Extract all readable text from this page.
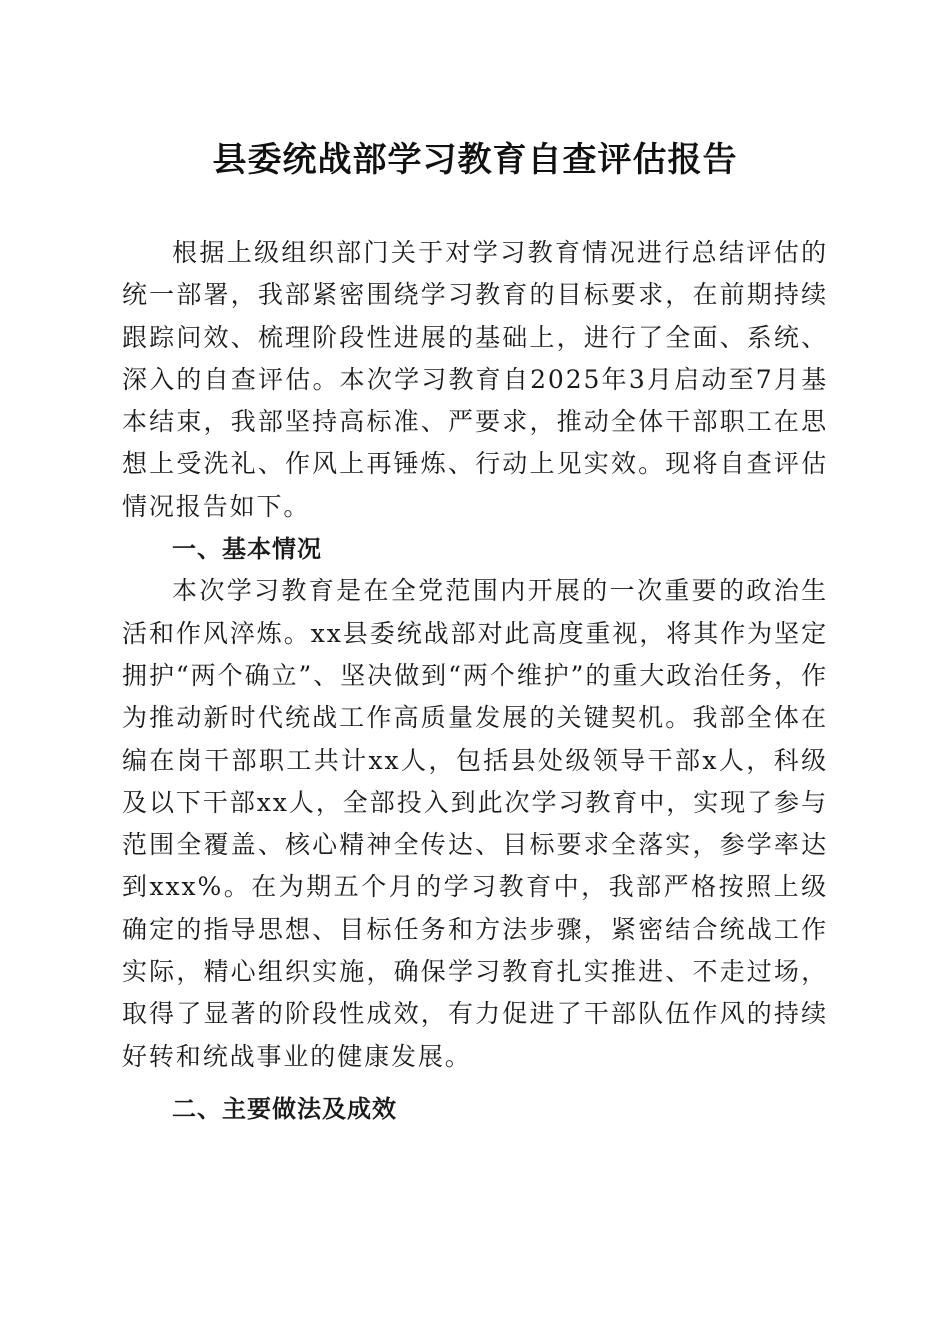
县委统战部学习教育自查评估报告

根据上级组织部门关于对学习教育情况进行总结评估的统一部署，我部紧密围绕学习教育的目标要求，在前期持续跟踪问效、梳理阶段性进展的基础上，进行了全面、系统、深入的自查评估。本次学习教育自2025年3月启动至7月基本结束，我部坚持高标准、严要求，推动全体干部职工在思想上受洗礼、作风上再锤炼、行动上见实效。现将自查评估情况报告如下。

一、基本情况

本次学习教育是在全党范围内开展的一次重要的政治生活和作风淬炼。xx县委统战部对此高度重视，将其作为坚定拥护“两个确立”、坚决做到“两个维护”的重大政治任务，作为推动新时代统战工作高质量发展的关键契机。我部全体在编在岗干部职工共计xx人，包括县处级领导干部x人，科级及以下干部xx人，全部投入到此次学习教育中，实现了参与范围全覆盖、核心精神全传达、目标要求全落实，参学率达到xxx%。在为期五个月的学习教育中，我部严格按照上级确定的指导思想、目标任务和方法步骤，紧密结合统战工作实际，精心组织实施，确保学习教育扎实推进、不走过场，取得了显著的阶段性成效，有力促进了干部队伍作风的持续好转和统战事业的健康发展。

二、主要做法及成效
